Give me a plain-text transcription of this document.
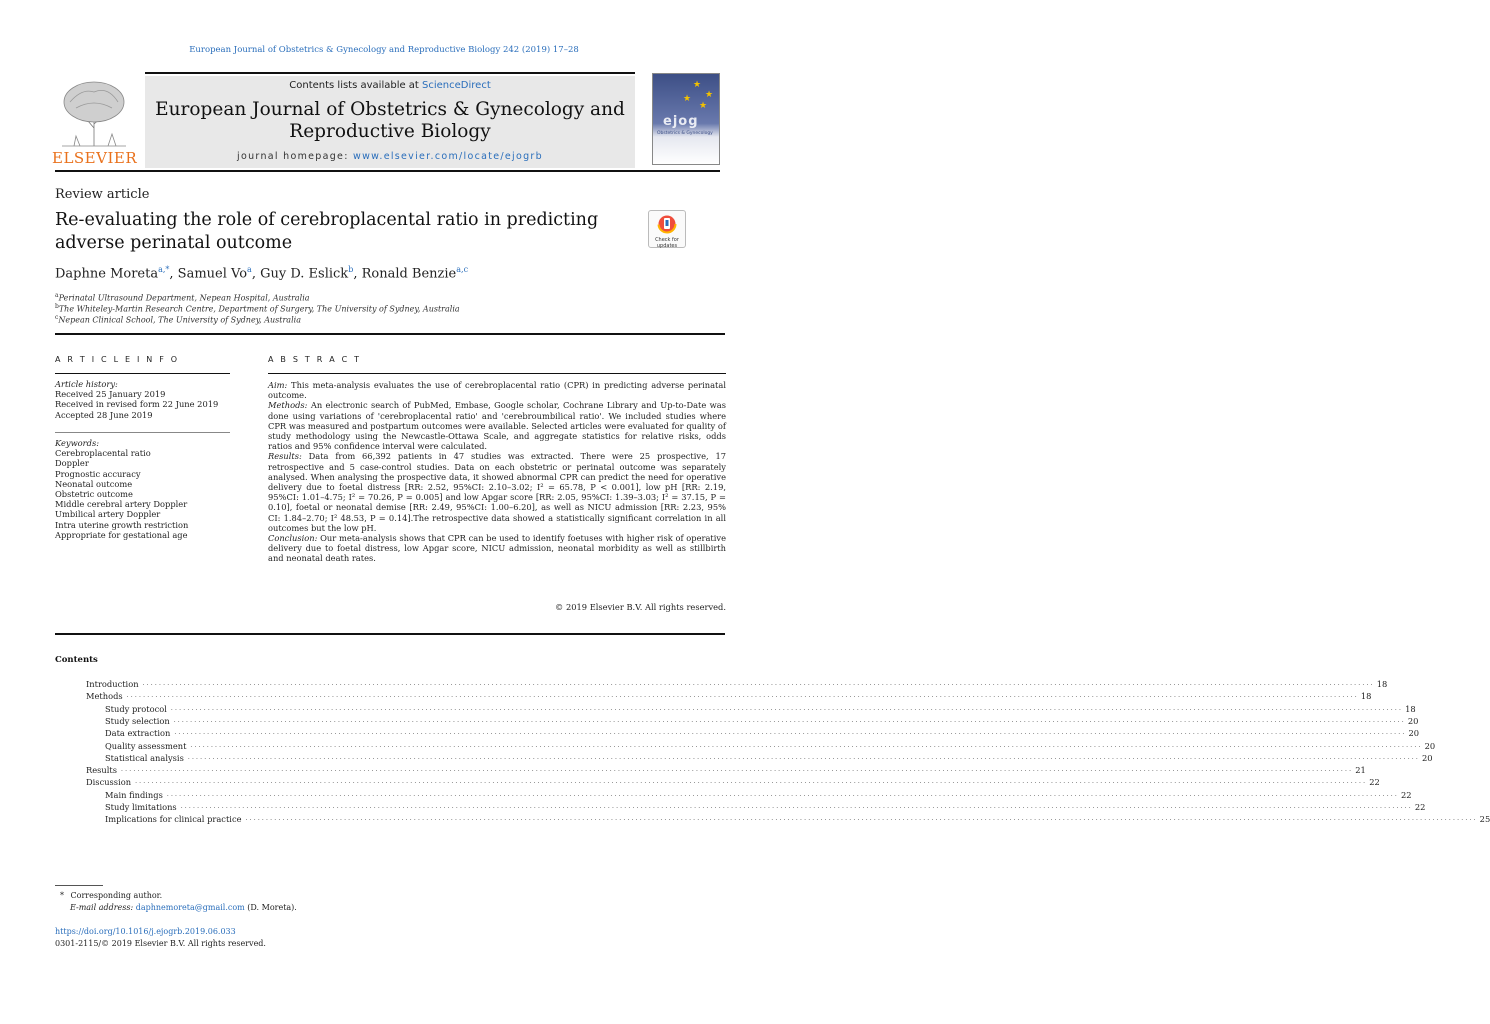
European Journal of Obstetrics & Gynecology and Reproductive Biology 242 (2019) 17–28
ELSEVIER
Contents lists available at ScienceDirect
European Journal of Obstetrics & Gynecology and Reproductive Biology
journal homepage: www.elsevier.com/locate/ejogrb
★
★
★
★
ejog
Obstetrics & Gynecology
Review article
Re-evaluating the role of cerebroplacental ratio in predicting adverse perinatal outcome	Check for
updates
Daphne Moreta$^{a,*}$, Samuel Vo$^a$, Guy D. Eslick$^b$, Ronald Benzie$^{a,c}$
$^a$Perinatal Ultrasound Department, Nepean Hospital, Australia
$^b$The Whiteley-Martin Research Centre, Department of Surgery, The University of Sydney, Australia
$^c$Nepean Clinical School, The University of Sydney, Australia
A R T I C L E I N F O
Article history:
Received 25 January 2019
Received in revised form 22 June 2019
Accepted 28 June 2019
Keywords:
Cerebroplacental ratio
Doppler
Prognostic accuracy
Neonatal outcome
Obstetric outcome
Middle cerebral artery Doppler
Umbilical artery Doppler
Intra uterine growth restriction
Appropriate for gestational age
A B S T R A C T

Aim: This meta-analysis evaluates the use of cerebroplacental ratio (CPR) in predicting adverse perinatal outcome.

Methods: An electronic search of PubMed, Embase, Google scholar, Cochrane Library and Up-to-Date was done using variations of 'cerebroplacental ratio' and 'cerebroumbilical ratio'. We included studies where CPR was measured and postpartum outcomes were available. Selected articles were evaluated for quality of study methodology using the Newcastle-Ottawa Scale, and aggregate statistics for relative risks, odds ratios and 95% confidence interval were calculated.

Results: Data from 66,392 patients in 47 studies was extracted. There were 25 prospective, 17 retrospective and 5 case-control studies. Data on each obstetric or perinatal outcome was separately analysed. When analysing the prospective data, it showed abnormal CPR can predict the need for operative delivery due to foetal distress [RR: 2.52, 95%CI: 2.10–3.02; I² = 65.78, P < 0.001], low pH [RR: 2.19, 95%CI: 1.01–4.75; I² = 70.26, P = 0.005] and low Apgar score [RR: 2.05, 95%CI: 1.39–3.03; I² = 37.15, P = 0.10], foetal or neonatal demise [RR: 2.49, 95%CI: 1.00–6.20], as well as NICU admission [RR: 2.23, 95% CI: 1.84–2.70; I² 48.53, P = 0.14].The retrospective data showed a statistically significant correlation in all outcomes but the low pH.

Conclusion: Our meta-analysis shows that CPR can be used to identify foetuses with higher risk of operative delivery due to foetal distress, low Apgar score, NICU admission, neonatal morbidity as well as stillbirth and neonatal death rates.

© 2019 Elsevier B.V. All rights reserved.
Contents
Introduction ............................................................................................................................................................................................................................................................................................................ 18
Methods ............................................................................................................................................................................................................................................................................................................ 18
Study protocol ............................................................................................................................................................................................................................................................................................................ 18
Study selection ............................................................................................................................................................................................................................................................................................................ 20
Data extraction ............................................................................................................................................................................................................................................................................................................ 20
Quality assessment ............................................................................................................................................................................................................................................................................................................ 20
Statistical analysis ............................................................................................................................................................................................................................................................................................................ 20
Results ............................................................................................................................................................................................................................................................................................................ 21
Discussion ............................................................................................................................................................................................................................................................................................................ 22
Main findings ............................................................................................................................................................................................................................................................................................................ 22
Study limitations ............................................................................................................................................................................................................................................................................................................ 22
Implications for clinical practice ............................................................................................................................................................................................................................................................................................................ 25
* Corresponding author.
E-mail address: daphnemoreta@gmail.com (D. Moreta).
https://doi.org/10.1016/j.ejogrb.2019.06.033
0301-2115/© 2019 Elsevier B.V. All rights reserved.
